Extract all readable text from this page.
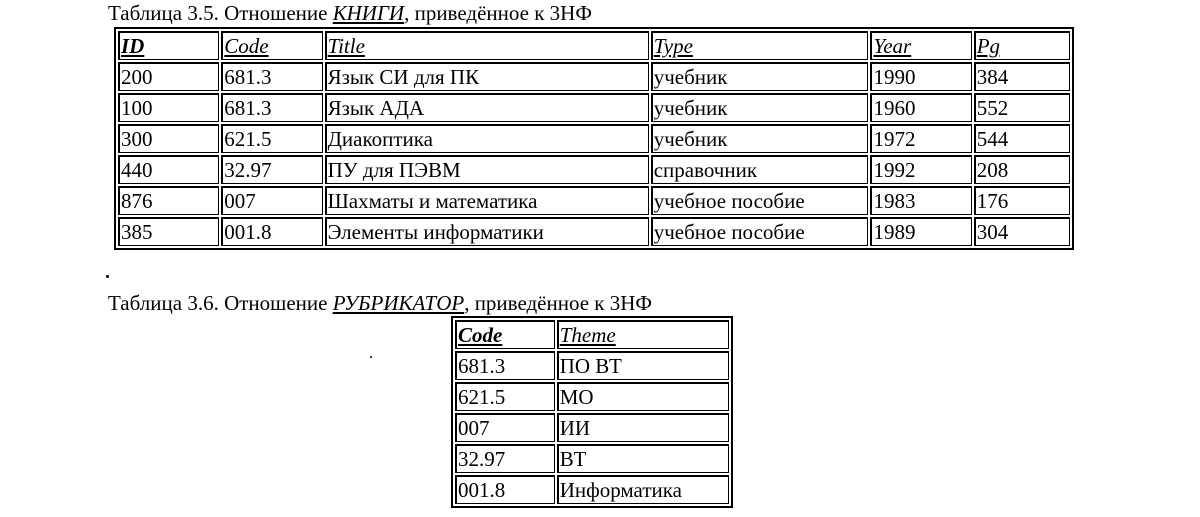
Таблица 3.5. Отношение КНИГИ, приведённое к 3НФ
ID	Code	Title	Type	Year	Pg
200	681.3	Язык СИ для ПК	учебник	1990	384
100	681.3	Язык АДА	учебник	1960	552
300	621.5	Диакоптика	учебник	1972	544
440	32.97	ПУ для ПЭВМ	справочник	1992	208
876	007	Шахматы и математика	учебное пособие	1983	176
385	001.8	Элементы информатики	учебное пособие	1989	304
Таблица 3.6. Отношение РУБРИКАТОР, приведённое к 3НФ
Code	Theme
681.3	ПО ВТ
621.5	МО
007	ИИ
32.97	ВТ
001.8	Информатика
